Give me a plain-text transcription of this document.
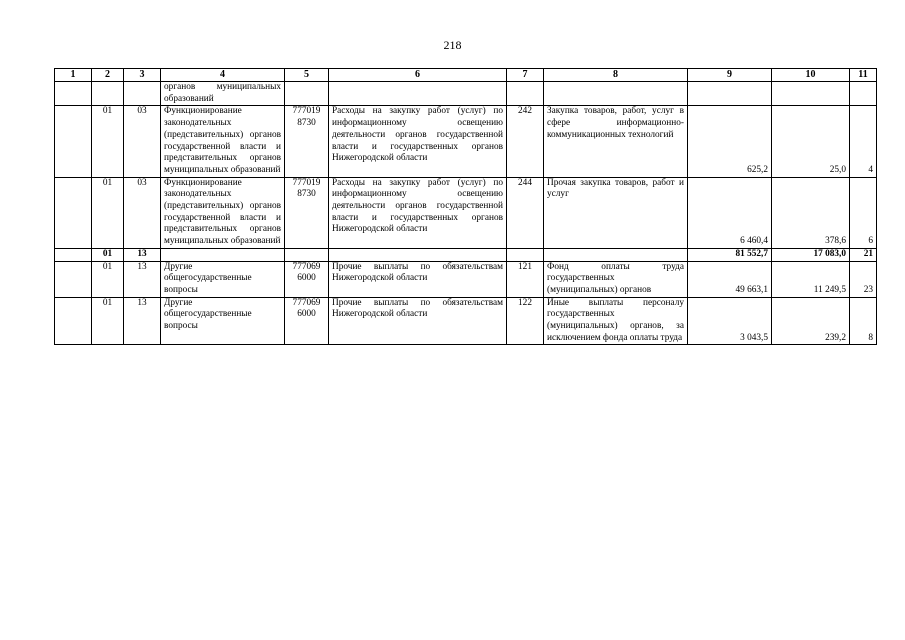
218
1	2	3	4	5	6	7	8	9	10	11
			органов муниципальных образований							
	01	03	Функционирование законодательных (представительных) органов государственной власти и представительных органов муниципальных образований	777019 8730	Расходы на закупку работ (услуг) по информационному освещению деятельности органов государственной власти и государственных органов Нижегородской области	242	Закупка товаров, работ, услуг в сфере информационно-коммуникационных технологий	625,2	25,0	4
	01	03	Функционирование законодательных (представительных) органов государственной власти и представительных органов муниципальных образований	777019 8730	Расходы на закупку работ (услуг) по информационному освещению деятельности органов государственной власти и государственных органов Нижегородской области	244	Прочая закупка товаров, работ и услуг	6 460,4	378,6	6
	01	13						81 552,7	17 083,0	21
	01	13	Другие общегосударственные вопросы	777069 6000	Прочие выплаты по обязательствам Нижегородской области	121	Фонд оплаты труда государственных (муниципальных) органов	49 663,1	11 249,5	23
	01	13	Другие общегосударственные вопросы	777069 6000	Прочие выплаты по обязательствам Нижегородской области	122	Иные выплаты персоналу государственных (муниципальных) органов, за исключением фонда оплаты труда	3 043,5	239,2	8
